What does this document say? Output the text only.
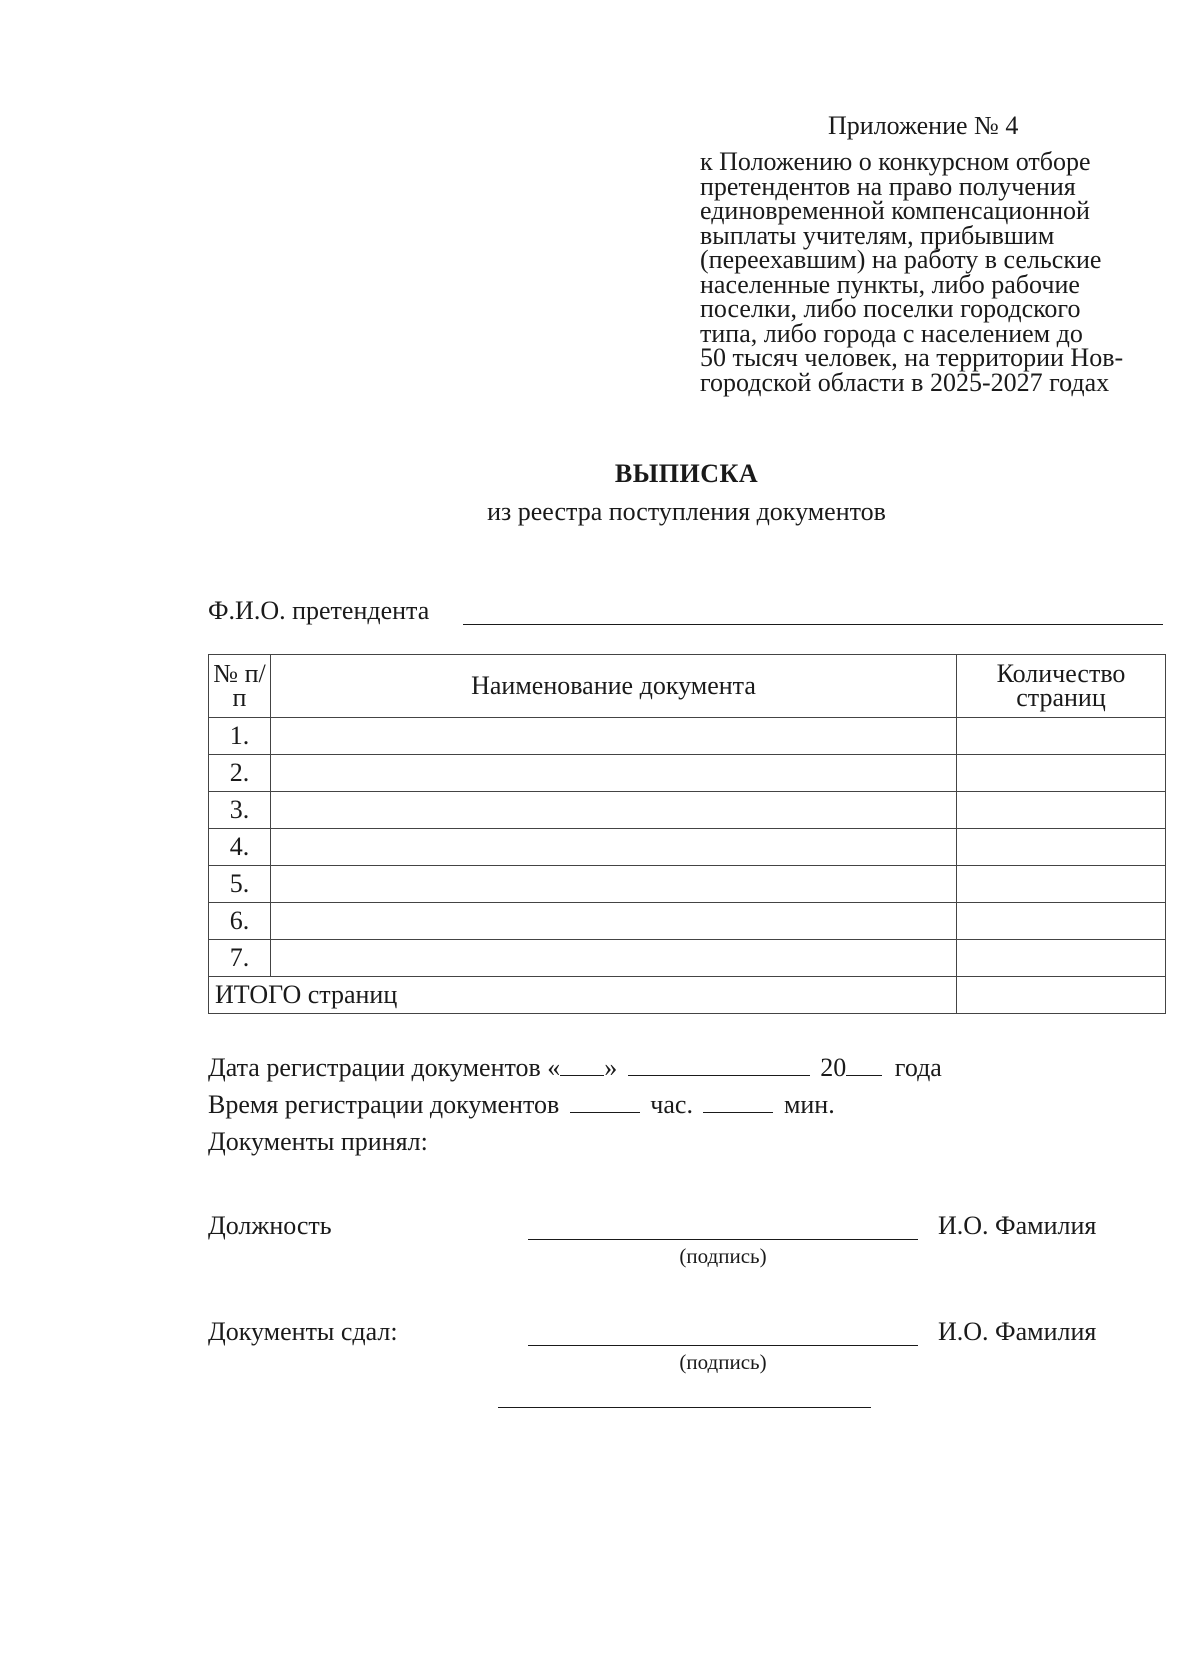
Приложение № 4
к Положению о конкурсном отборе
претендентов на право получения
единовременной компенсационной
выплаты учителям, прибывшим
(переехавшим) на работу в сельские
населенные пункты, либо рабочие
поселки, либо поселки городского
типа, либо города с населением до
50 тысяч человек, на территории Нов-
городской области в 2025-2027 годах
ВЫПИСКА
из реестра поступления документов
Ф.И.О. претендента
№ п/п	Наименование документа	Количество страниц
1.		
2.		
3.		
4.		
5.		
6.		
7.		
ИТОГО страниц		
Дата регистрации документов « »	20 года
Время регистрации документов	час.	мин.
Документы принял:
Должность
(подпись)
И.О. Фамилия
Документы сдал:
(подпись)
И.О. Фамилия
